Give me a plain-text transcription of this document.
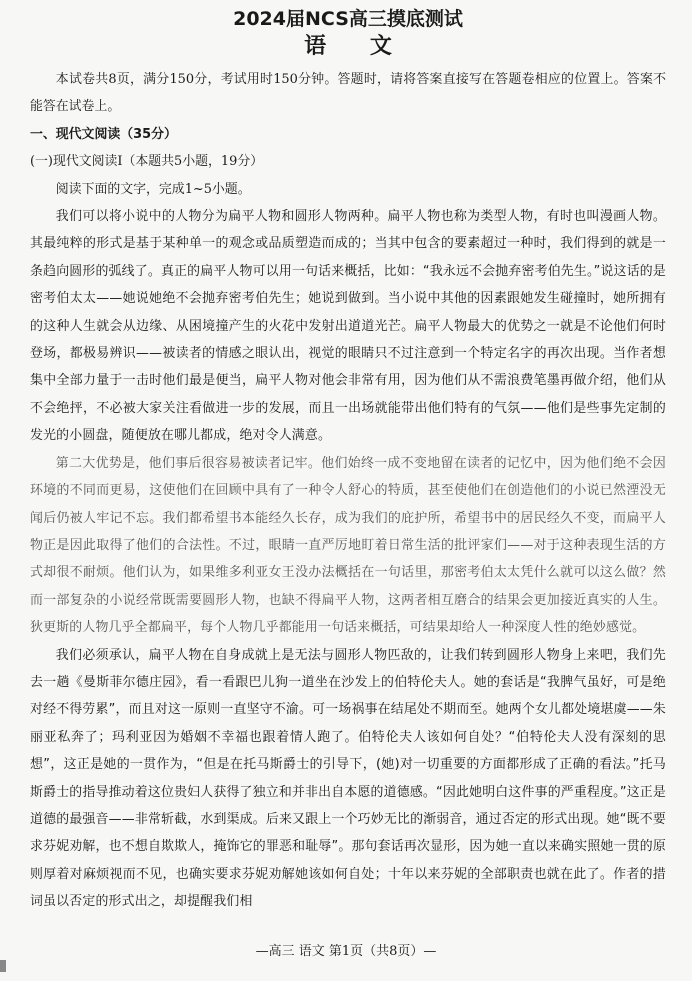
2024届NCS高三摸底测试
语 文

本试卷共8页，满分150分，考试用时150分钟。答题时，请将答案直接写在答题卷相应的位置上。答案不能答在试卷上。

一、现代文阅读（35分）

(一)现代文阅读Ⅰ（本题共5小题，19分）

阅读下面的文字，完成1~5小题。

我们可以将小说中的人物分为扁平人物和圆形人物两种。扁平人物也称为类型人物，有时也叫漫画人物。其最纯粹的形式是基于某种单一的观念或品质塑造而成的；当其中包含的要素超过一种时，我们得到的就是一条趋向圆形的弧线了。真正的扁平人物可以用一句话来概括，比如：“我永远不会抛弃密考伯先生。”说这话的是密考伯太太——她说她绝不会抛弃密考伯先生；她说到做到。当小说中其他的因素跟她发生碰撞时，她所拥有的这种人生就会从边缘、从困境撞产生的火花中发射出道道光芒。扁平人物最大的优势之一就是不论他们何时登场，都极易辨识——被读者的情感之眼认出，视觉的眼睛只不过注意到一个特定名字的再次出现。当作者想集中全部力量于一击时他们最是便当，扁平人物对他会非常有用，因为他们从不需浪费笔墨再做介绍，他们从不会绝抨，不必被大家关注看做进一步的发展，而且一出场就能带出他们特有的气氛——他们是些事先定制的发光的小圆盘，随便放在哪儿都成，绝对令人满意。

第二大优势是，他们事后很容易被读者记牢。他们始终一成不变地留在读者的记忆中，因为他们绝不会因环境的不同而更易，这使他们在回顾中具有了一种令人舒心的特质，甚至使他们在创造他们的小说已然湮没无闻后仍被人牢记不忘。我们都希望书本能经久长存，成为我们的庇护所，希望书中的居民经久不变，而扁平人物正是因此取得了他们的合法性。不过，眼睛一直严厉地盯着日常生活的批评家们——对于这种表现生活的方式却很不耐烦。他们认为，如果维多利亚女王没办法概括在一句话里，那密考伯太太凭什么就可以这么做？然而一部复杂的小说经常既需要圆形人物，也缺不得扁平人物，这两者相互磨合的结果会更加接近真实的人生。狄更斯的人物几乎全都扁平，每个人物几乎都能用一句话来概括，可结果却给人一种深度人性的绝妙感觉。

我们必须承认，扁平人物在自身成就上是无法与圆形人物匹敌的，让我们转到圆形人物身上来吧，我们先去一趟《曼斯菲尔德庄园》，看一看跟巴儿狗一道坐在沙发上的伯特伦夫人。她的套话是“我脾气虽好，可是绝对经不得劳累”，而且对这一原则一直坚守不渝。可一场祸事在结尾处不期而至。她两个女儿都处境堪虞——朱丽亚私奔了；玛利亚因为婚姻不幸福也跟着情人跑了。伯特伦夫人该如何自处？“伯特伦夫人没有深刻的思想”，这正是她的一贯作为，“但是在托马斯爵士的引导下，(她)对一切重要的方面都形成了正确的看法。”托马斯爵士的指导推动着这位贵妇人获得了独立和并非出自本愿的道德感。“因此她明白这件事的严重程度。”这正是道德的最强音——非常斩截，水到渠成。后来又跟上一个巧妙无比的渐弱音，通过否定的形式出现。她“既不要求芬妮劝解，也不想自欺欺人，掩饰它的罪恶和耻辱”。那句套话再次显形，因为她一直以来确实照她一贯的原则厚着对麻烦视而不见，也确实要求芬妮劝解她该如何自处；十年以来芬妮的全部职责也就在此了。作者的措词虽以否定的形式出之，却提醒我们相

—高三 语文 第1页（共8页）—
